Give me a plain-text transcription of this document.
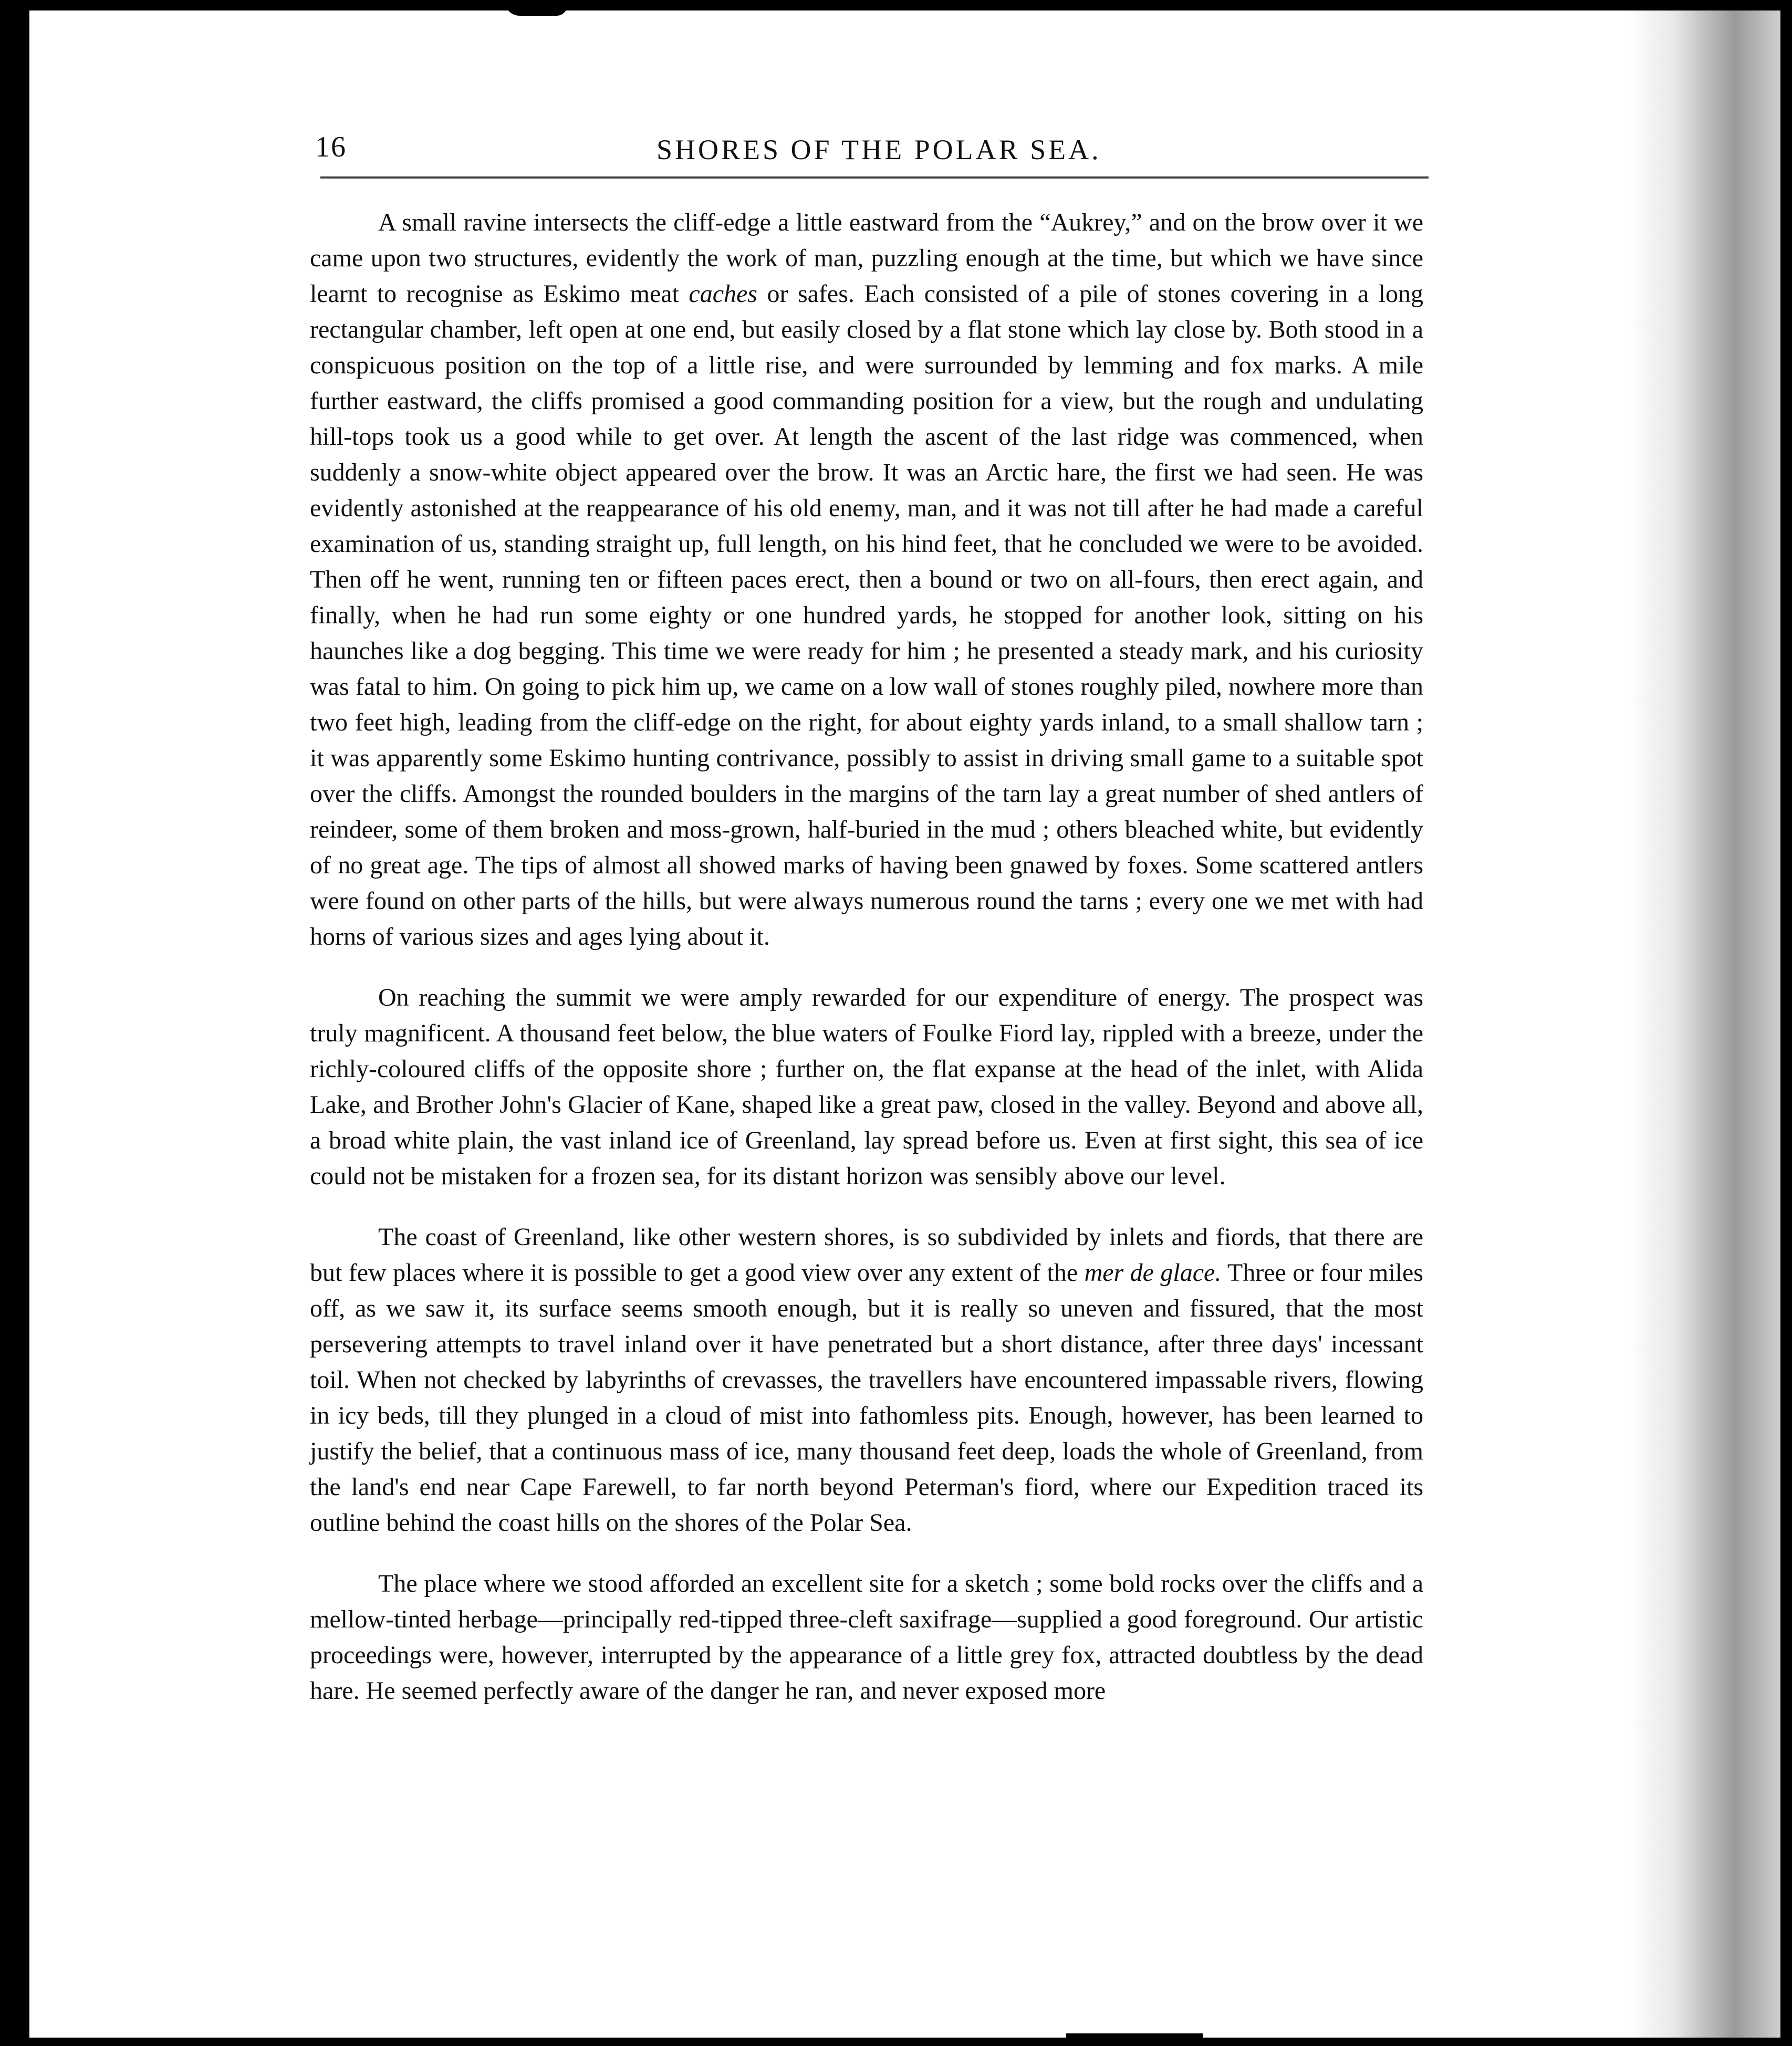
16	SHORES OF THE POLAR SEA.

A small ravine intersects the cliff-edge a little eastward from the “Aukrey,” and on the brow over it we came upon two structures, evidently the work of man, puzzling enough at the time, but which we have since learnt to recognise as Eskimo meat caches or safes. Each consisted of a pile of stones covering in a long rectangular chamber, left open at one end, but easily closed by a flat stone which lay close by. Both stood in a conspicuous position on the top of a little rise, and were surrounded by lemming and fox marks. A mile further eastward, the cliffs promised a good commanding position for a view, but the rough and undulating hill-tops took us a good while to get over. At length the ascent of the last ridge was commenced, when suddenly a snow-white object appeared over the brow. It was an Arctic hare, the first we had seen. He was evidently astonished at the reappearance of his old enemy, man, and it was not till after he had made a careful examination of us, standing straight up, full length, on his hind feet, that he concluded we were to be avoided. Then off he went, running ten or fifteen paces erect, then a bound or two on all-fours, then erect again, and finally, when he had run some eighty or one hundred yards, he stopped for another look, sitting on his haunches like a dog begging. This time we were ready for him ; he presented a steady mark, and his curiosity was fatal to him. On going to pick him up, we came on a low wall of stones roughly piled, nowhere more than two feet high, leading from the cliff-edge on the right, for about eighty yards inland, to a small shallow tarn ; it was apparently some Eskimo hunting contrivance, possibly to assist in driving small game to a suitable spot over the cliffs. Amongst the rounded boulders in the margins of the tarn lay a great number of shed antlers of reindeer, some of them broken and moss-grown, half-buried in the mud ; others bleached white, but evidently of no great age. The tips of almost all showed marks of having been gnawed by foxes. Some scattered antlers were found on other parts of the hills, but were always numerous round the tarns ; every one we met with had horns of various sizes and ages lying about it.

On reaching the summit we were amply rewarded for our expenditure of energy. The prospect was truly magnificent. A thousand feet below, the blue waters of Foulke Fiord lay, rippled with a breeze, under the richly-coloured cliffs of the opposite shore ; further on, the flat expanse at the head of the inlet, with Alida Lake, and Brother John's Glacier of Kane, shaped like a great paw, closed in the valley. Beyond and above all, a broad white plain, the vast inland ice of Greenland, lay spread before us. Even at first sight, this sea of ice could not be mistaken for a frozen sea, for its distant horizon was sensibly above our level.

The coast of Greenland, like other western shores, is so subdivided by inlets and fiords, that there are but few places where it is possible to get a good view over any extent of the mer de glace. Three or four miles off, as we saw it, its surface seems smooth enough, but it is really so uneven and fissured, that the most persevering attempts to travel inland over it have penetrated but a short distance, after three days' incessant toil. When not checked by labyrinths of crevasses, the travellers have encountered impassable rivers, flowing in icy beds, till they plunged in a cloud of mist into fathomless pits. Enough, however, has been learned to justify the belief, that a continuous mass of ice, many thousand feet deep, loads the whole of Greenland, from the land's end near Cape Farewell, to far north beyond Peterman's fiord, where our Expedition traced its outline behind the coast hills on the shores of the Polar Sea.

The place where we stood afforded an excellent site for a sketch ; some bold rocks over the cliffs and a mellow-tinted herbage—principally red-tipped three-cleft saxifrage—supplied a good foreground. Our artistic proceedings were, however, interrupted by the appearance of a little grey fox, attracted doubtless by the dead hare. He seemed perfectly aware of the danger he ran, and never exposed more
